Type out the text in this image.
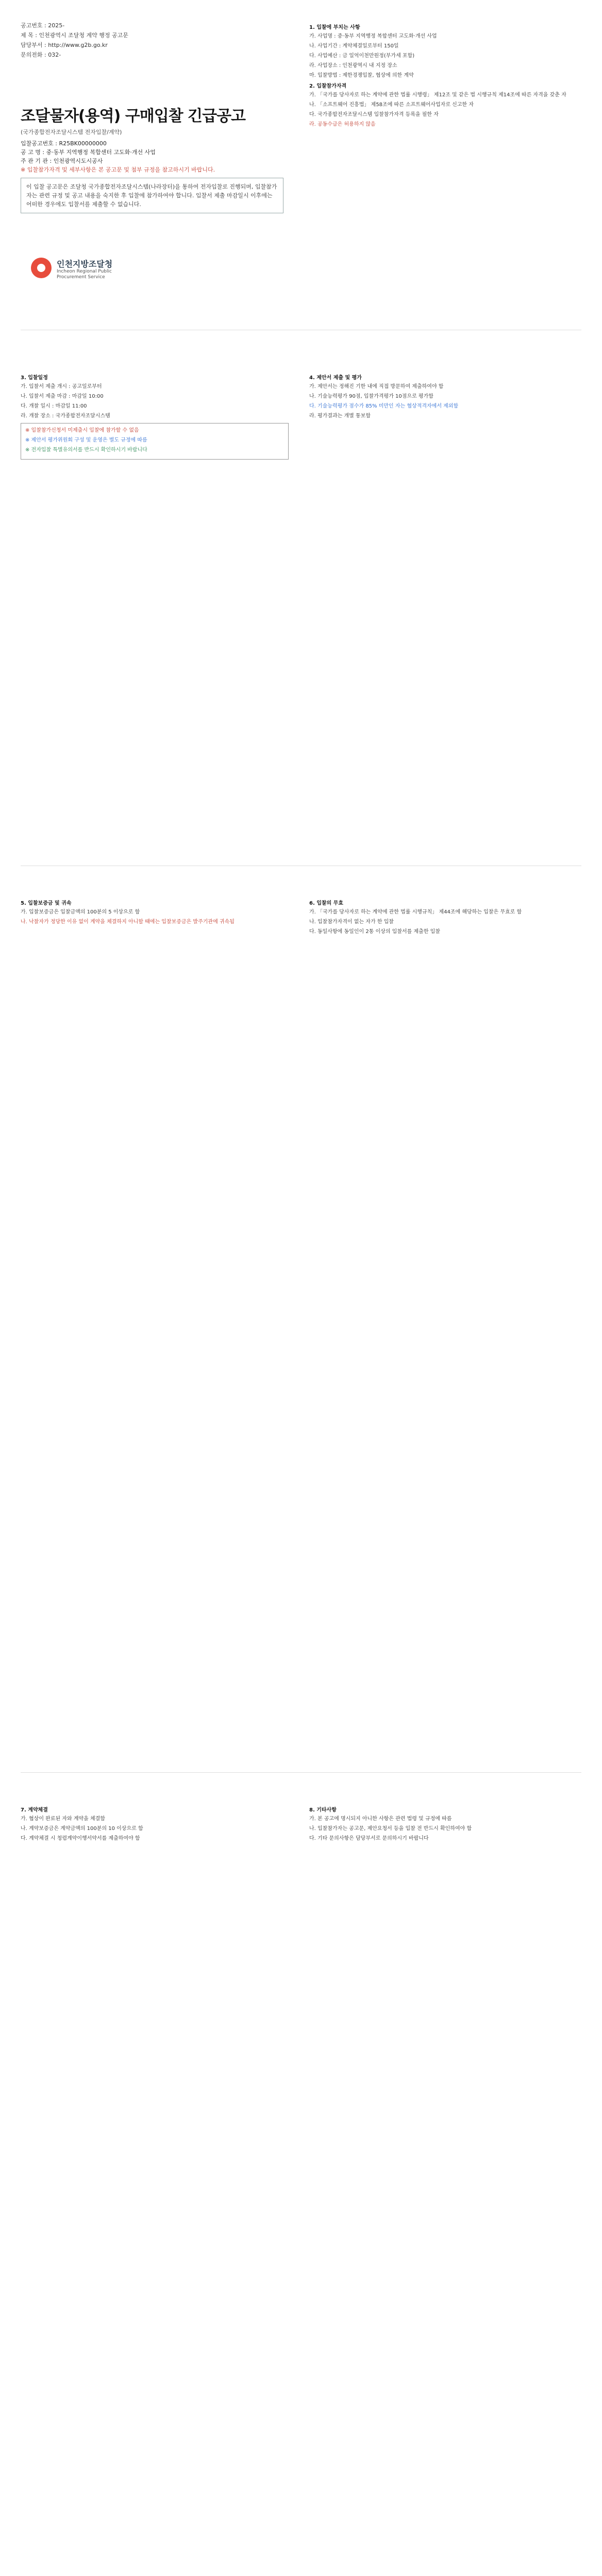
공고번호 : 2025-
제 목 : 인천광역시 조달청 계약 행정 공고문
담당부서 : http://www.g2b.go.kr
문의전화 : 032-
조달물자(용역) 구매입찰 긴급공고
(국가종합전자조달시스템 전자입찰/계약)
입찰공고번호 : R25BK00000000
공 고 명 : 중·동부 지역행정 복합센터 고도화·개선 사업
주 관 기 관 : 인천광역시도시공사
※ 입찰참가자격 및 세부사항은 본 공고문 및 첨부 규정을 참고하시기 바랍니다.
이 입찰 공고문은 조달청 국가종합전자조달시스템(나라장터)을 통하여 전자입찰로 진행되며, 입찰참가자는 관련 규정 및 공고 내용을 숙지한 후 입찰에 참가하여야 합니다. 입찰서 제출 마감일시 이후에는 어떠한 경우에도 입찰서를 제출할 수 없습니다.
인천지방조달청
Incheon Regional Public Procurement Service
1. 입찰에 부치는 사항

가. 사업명 : 중·동부 지역행정 복합센터 고도화·개선 사업

나. 사업기간 : 계약체결일로부터 150일

다. 사업예산 : 금 일억이천만원정(부가세 포함)

라. 사업장소 : 인천광역시 내 지정 장소

마. 입찰방법 : 제한경쟁입찰, 협상에 의한 계약

2. 입찰참가자격

가. 「국가를 당사자로 하는 계약에 관한 법률 시행령」 제12조 및 같은 법 시행규칙 제14조에 따른 자격을 갖춘 자

나. 「소프트웨어 진흥법」 제58조에 따른 소프트웨어사업자로 신고한 자

다. 국가종합전자조달시스템 입찰참가자격 등록을 필한 자

라. 공동수급은 허용하지 않음

3. 입찰일정

가. 입찰서 제출 개시 : 공고일로부터

나. 입찰서 제출 마감 : 마감일 10:00

다. 개찰 일시 : 마감일 11:00

라. 개찰 장소 : 국가종합전자조달시스템

※ 입찰참가신청서 미제출시 입찰에 참가할 수 없음

※ 제안서 평가위원회 구성 및 운영은 별도 규정에 따름

※ 전자입찰 특별유의서를 반드시 확인하시기 바랍니다

4. 제안서 제출 및 평가

가. 제안서는 정해진 기한 내에 직접 방문하여 제출하여야 함

나. 기술능력평가 90점, 입찰가격평가 10점으로 평가함

다. 기술능력평가 점수가 85% 미만인 자는 협상적격자에서 제외함

라. 평가결과는 개별 통보함

5. 입찰보증금 및 귀속

가. 입찰보증금은 입찰금액의 100분의 5 이상으로 함

나. 낙찰자가 정당한 이유 없이 계약을 체결하지 아니할 때에는 입찰보증금은 발주기관에 귀속됨

6. 입찰의 무효

가. 「국가를 당사자로 하는 계약에 관한 법률 시행규칙」 제44조에 해당하는 입찰은 무효로 함

나. 입찰참가자격이 없는 자가 한 입찰

다. 동일사항에 동일인이 2통 이상의 입찰서를 제출한 입찰

7. 계약체결

가. 협상이 완료된 자와 계약을 체결함

나. 계약보증금은 계약금액의 100분의 10 이상으로 함

다. 계약체결 시 청렴계약이행서약서를 제출하여야 함

8. 기타사항

가. 본 공고에 명시되지 아니한 사항은 관련 법령 및 규정에 따름

나. 입찰참가자는 공고문, 제안요청서 등을 입찰 전 반드시 확인하여야 함

다. 기타 문의사항은 담당부서로 문의하시기 바랍니다
